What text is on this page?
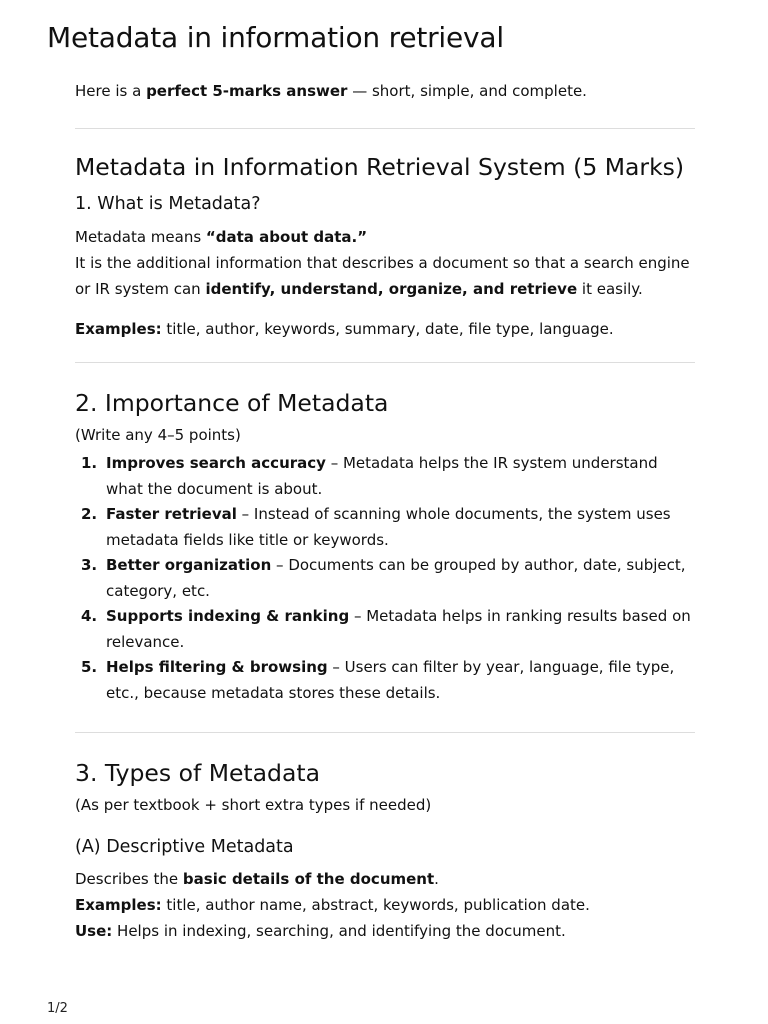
Metadata in information retrieval

Here is a perfect 5-marks answer — short, simple, and complete.

Metadata in Information Retrieval System (5 Marks)
1. What is Metadata?

Metadata means “data about data.”
It is the additional information that describes a document so that a search engine or IR system can identify, understand, organize, and retrieve it easily.

Examples: title, author, keywords, summary, date, file type, language.

2. Importance of Metadata

(Write any 4–5 points)

1. Improves search accuracy – Metadata helps the IR system understand what the document is about.
2. Faster retrieval – Instead of scanning whole documents, the system uses metadata fields like title or keywords.
3. Better organization – Documents can be grouped by author, date, subject, category, etc.
4. Supports indexing & ranking – Metadata helps in ranking results based on relevance.
5. Helps filtering & browsing – Users can filter by year, language, file type, etc., because metadata stores these details.
3. Types of Metadata

(As per textbook + short extra types if needed)

(A) Descriptive Metadata

Describes the basic details of the document.
Examples: title, author name, abstract, keywords, publication date.
Use: Helps in indexing, searching, and identifying the document.

1/2
